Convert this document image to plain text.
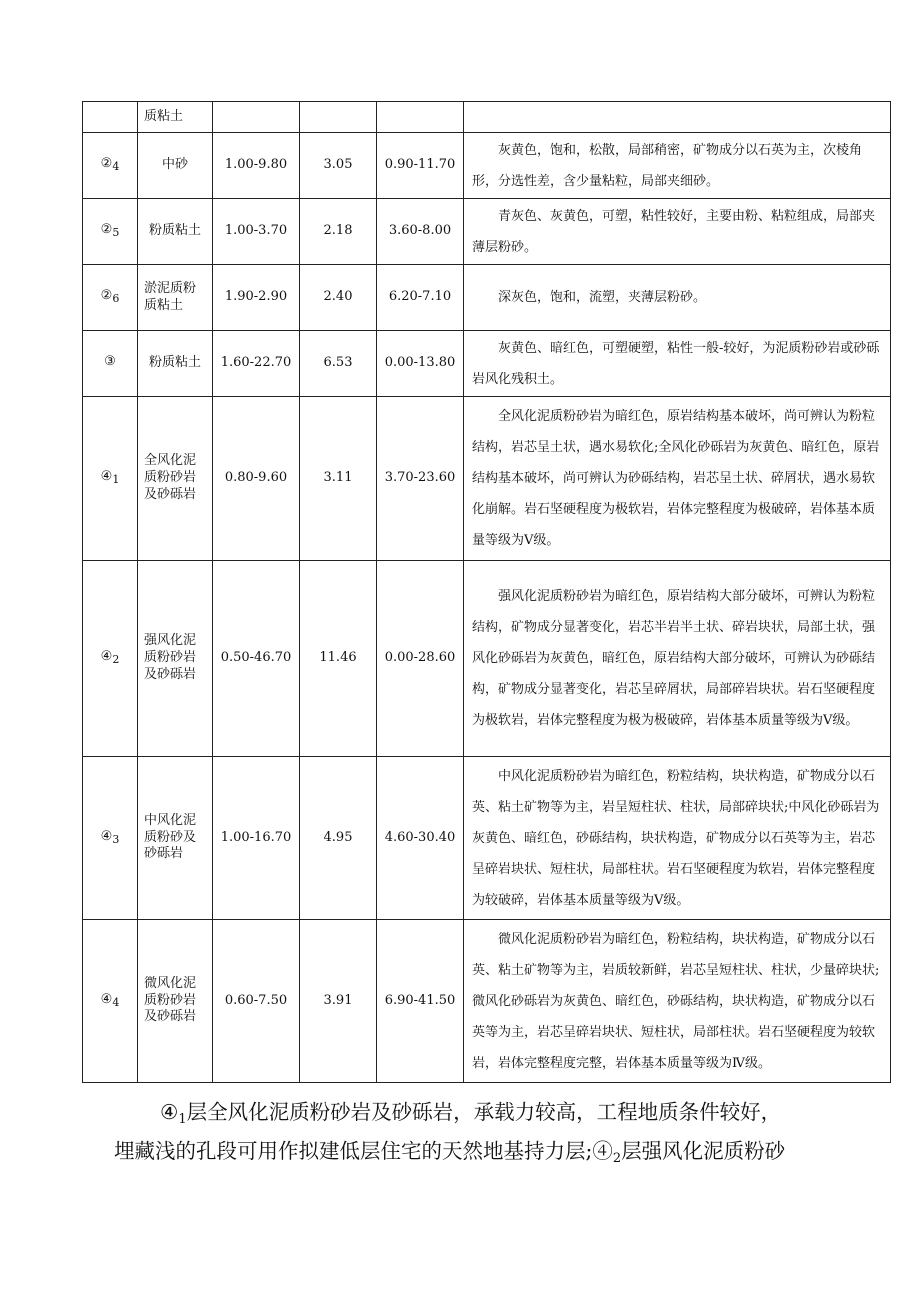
	质粘土				
$②_4$	中砂	1.00-9.80	3.05	0.90-11.70	灰黄色，饱和，松散，局部稍密，矿物成分以石英为主，次棱角形，分选性差，含少量粘粒，局部夹细砂。
$②_5$	粉质粘土	1.00-3.70	2.18	3.60-8.00	青灰色、灰黄色，可塑，粘性较好，主要由粉、粘粒组成，局部夹薄层粉砂。
$②_6$	淤泥质粉质粘土	1.90-2.90	2.40	6.20-7.10	深灰色，饱和，流塑，夹薄层粉砂。
③	粉质粘土	1.60-22.70	6.53	0.00-13.80	灰黄色、暗红色，可塑硬塑，粘性一般-较好，为泥质粉砂岩或砂砾岩风化残积土。
$④_1$	全风化泥质粉砂岩及砂砾岩	0.80-9.60	3.11	3.70-23.60	全风化泥质粉砂岩为暗红色，原岩结构基本破坏，尚可辨认为粉粒结构，岩芯呈土状，遇水易软化;全风化砂砾岩为灰黄色、暗红色，原岩结构基本破坏，尚可辨认为砂砾结构，岩芯呈土状、碎屑状，遇水易软化崩解。岩石坚硬程度为极软岩，岩体完整程度为极破碎，岩体基本质量等级为Ⅴ级。
$④_2$	强风化泥质粉砂岩及砂砾岩	0.50-46.70	11.46	0.00-28.60	强风化泥质粉砂岩为暗红色，原岩结构大部分破坏，可辨认为粉粒结构，矿物成分显著变化，岩芯半岩半土状、碎岩块状，局部土状，强风化砂砾岩为灰黄色，暗红色，原岩结构大部分破坏，可辨认为砂砾结构，矿物成分显著变化，岩芯呈碎屑状，局部碎岩块状。岩石坚硬程度为极软岩，岩体完整程度为极为极破碎，岩体基本质量等级为Ⅴ级。
$④_3$	中风化泥质粉砂及砂砾岩	1.00-16.70	4.95	4.60-30.40	中风化泥质粉砂岩为暗红色，粉粒结构，块状构造，矿物成分以石英、粘土矿物等为主，岩呈短柱状、柱状，局部碎块状;中风化砂砾岩为灰黄色、暗红色，砂砾结构，块状构造，矿物成分以石英等为主，岩芯呈碎岩块状、短柱状，局部柱状。岩石坚硬程度为软岩，岩体完整程度为较破碎，岩体基本质量等级为Ⅴ级。
$④_4$	微风化泥质粉砂岩及砂砾岩	0.60-7.50	3.91	6.90-41.50	微风化泥质粉砂岩为暗红色，粉粒结构，块状构造，矿物成分以石英、粘土矿物等为主，岩质较新鲜，岩芯呈短柱状、柱状，少量碎块状;微风化砂砾岩为灰黄色、暗红色，砂砾结构，块状构造，矿物成分以石英等为主，岩芯呈碎岩块状、短柱状，局部柱状。岩石坚硬程度为较软岩，岩体完整程度完整，岩体基本质量等级为Ⅳ级。
$④_1$层全风化泥质粉砂岩及砂砾岩，承载力较高，工程地质条件较好，
埋藏浅的孔段可用作拟建低层住宅的天然地基持力层$;④_2$层强风化泥质粉砂
